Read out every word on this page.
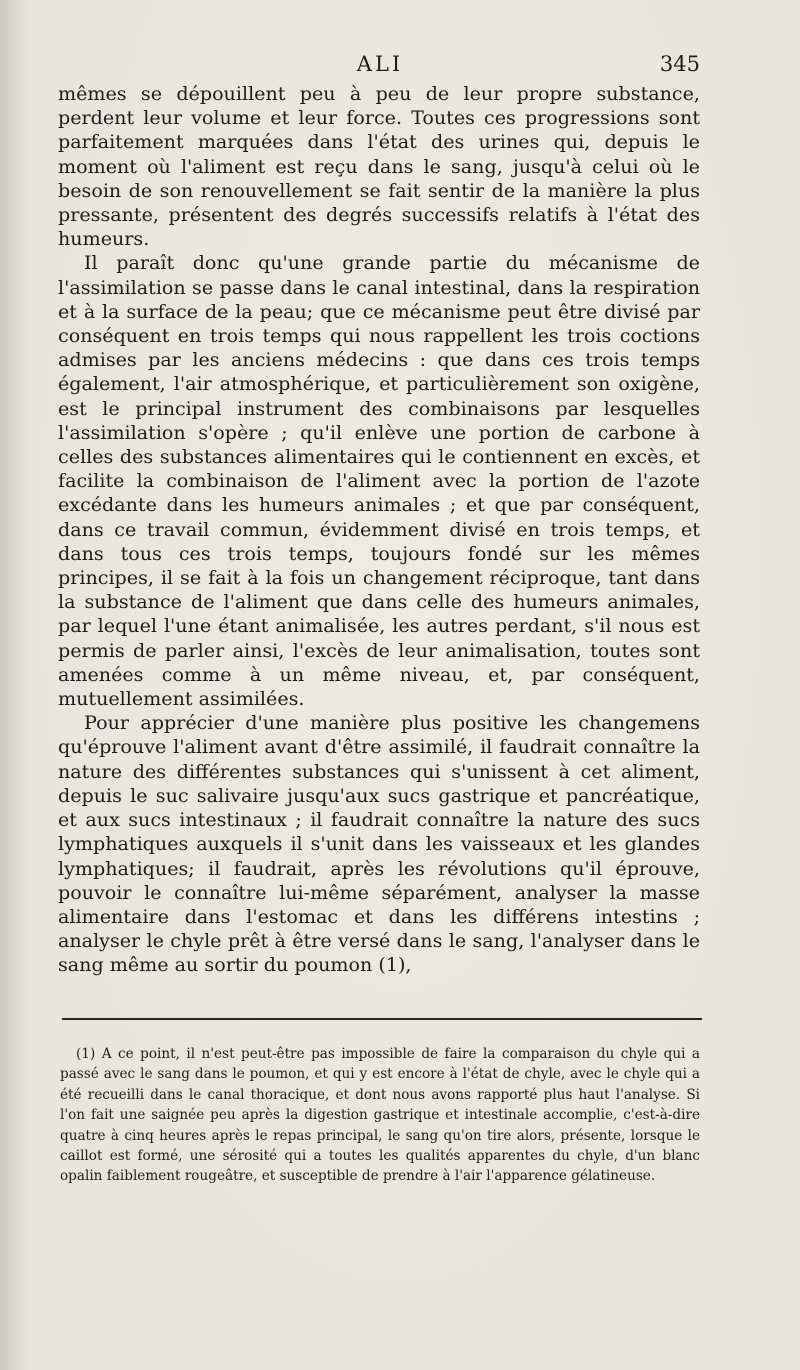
ALI	345

mêmes se dépouillent peu à peu de leur propre substance, perdent leur volume et leur force. Toutes ces progressions sont parfaitement marquées dans l'état des urines qui, depuis le moment où l'aliment est reçu dans le sang, jusqu'à celui où le besoin de son renouvellement se fait sentir de la manière la plus pressante, présentent des degrés successifs relatifs à l'état des humeurs.

Il paraît donc qu'une grande partie du mécanisme de l'assimilation se passe dans le canal intestinal, dans la respiration et à la surface de la peau; que ce mécanisme peut être divisé par conséquent en trois temps qui nous rappellent les trois coctions admises par les anciens médecins : que dans ces trois temps également, l'air atmosphérique, et particulièrement son oxigène, est le principal instrument des combinaisons par lesquelles l'assimilation s'opère ; qu'il enlève une portion de carbone à celles des substances alimentaires qui le contiennent en excès, et facilite la combinaison de l'aliment avec la portion de l'azote excédante dans les humeurs animales ; et que par conséquent, dans ce travail commun, évidemment divisé en trois temps, et dans tous ces trois temps, toujours fondé sur les mêmes principes, il se fait à la fois un changement réciproque, tant dans la substance de l'aliment que dans celle des humeurs animales, par lequel l'une étant animalisée, les autres perdant, s'il nous est permis de parler ainsi, l'excès de leur animalisation, toutes sont amenées comme à un même niveau, et, par conséquent, mutuellement assimilées.

Pour apprécier d'une manière plus positive les changemens qu'éprouve l'aliment avant d'être assimilé, il faudrait connaître la nature des différentes substances qui s'unissent à cet aliment, depuis le suc salivaire jusqu'aux sucs gastrique et pancréatique, et aux sucs intestinaux ; il faudrait connaître la nature des sucs lymphatiques auxquels il s'unit dans les vaisseaux et les glandes lymphatiques; il faudrait, après les révolutions qu'il éprouve, pouvoir le connaître lui-même séparément, analyser la masse alimentaire dans l'estomac et dans les différens intestins ; analyser le chyle prêt à être versé dans le sang, l'analyser dans le sang même au sortir du poumon (1),

(1) A ce point, il n'est peut-être pas impossible de faire la comparaison du chyle qui a passé avec le sang dans le poumon, et qui y est encore à l'état de chyle, avec le chyle qui a été recueilli dans le canal thoracique, et dont nous avons rapporté plus haut l'analyse. Si l'on fait une saignée peu après la digestion gastrique et intestinale accomplie, c'est-à-dire quatre à cinq heures après le repas principal, le sang qu'on tire alors, présente, lorsque le caillot est formé, une sérosité qui a toutes les qualités apparentes du chyle, d'un blanc opalin faiblement rougeâtre, et susceptible de prendre à l'air l'apparence gélatineuse.
